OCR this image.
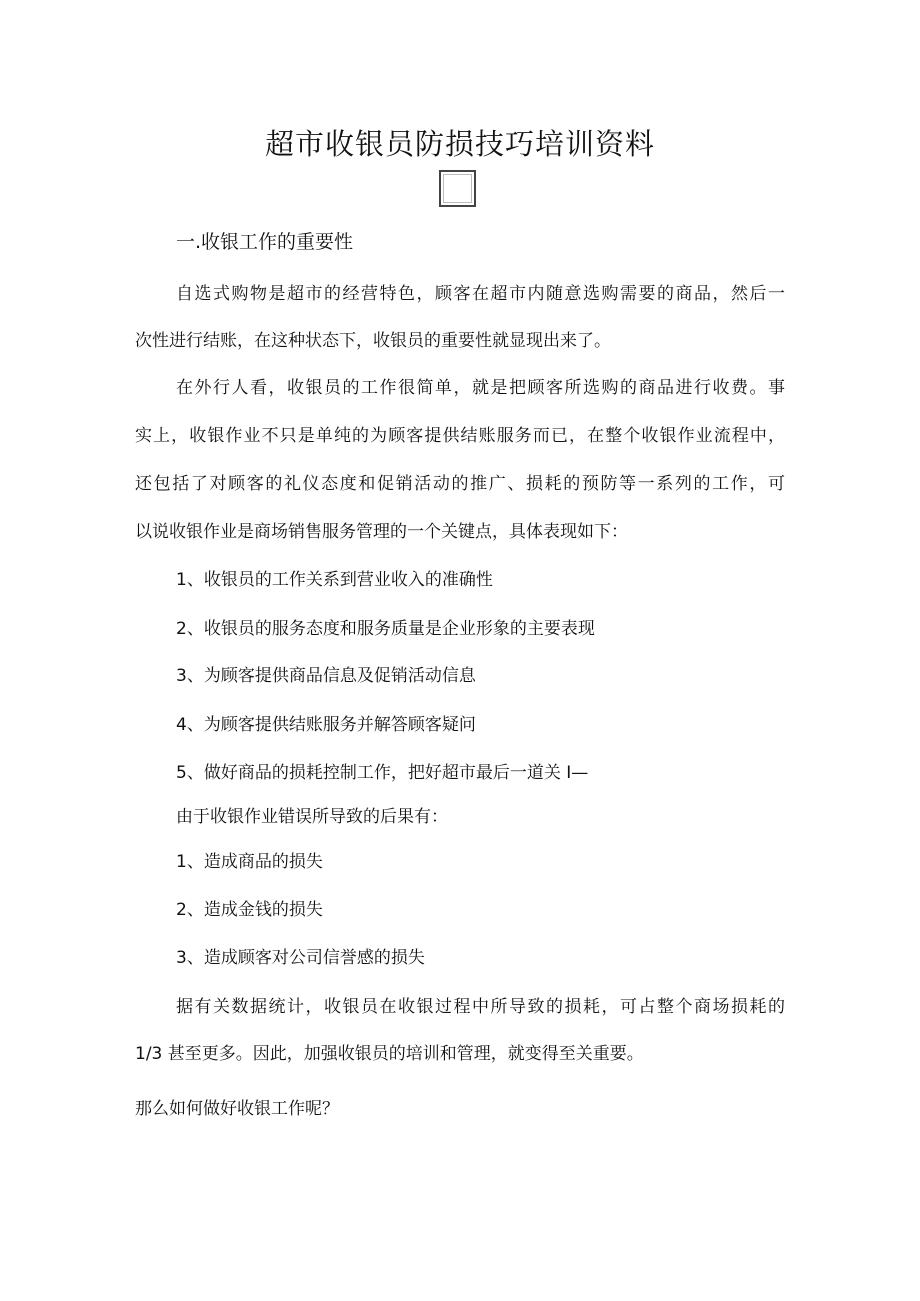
超市收银员防损技巧培训资料

一.收银工作的重要性

自选式购物是超市的经营特色，顾客在超市内随意选购需要的商品，然后一

次性进行结账，在这种状态下，收银员的重要性就显现出来了。

在外行人看，收银员的工作很简单，就是把顾客所选购的商品进行收费。事

实上，收银作业不只是单纯的为顾客提供结账服务而已，在整个收银作业流程中，

还包括了对顾客的礼仪态度和促销活动的推广、损耗的预防等一系列的工作，可

以说收银作业是商场销售服务管理的一个关键点，具体表现如下：

1、收银员的工作关系到营业收入的准确性

2、收银员的服务态度和服务质量是企业形象的主要表现

3、为顾客提供商品信息及促销活动信息

4、为顾客提供结账服务并解答顾客疑问

5、做好商品的损耗控制工作，把好超市最后一道关 I—

由于收银作业错误所导致的后果有：

1、造成商品的损失

2、造成金钱的损失

3、造成顾客对公司信誉感的损失

据有关数据统计，收银员在收银过程中所导致的损耗，可占整个商场损耗的

1/3 甚至更多。因此，加强收银员的培训和管理，就变得至关重要。

那么如何做好收银工作呢？
